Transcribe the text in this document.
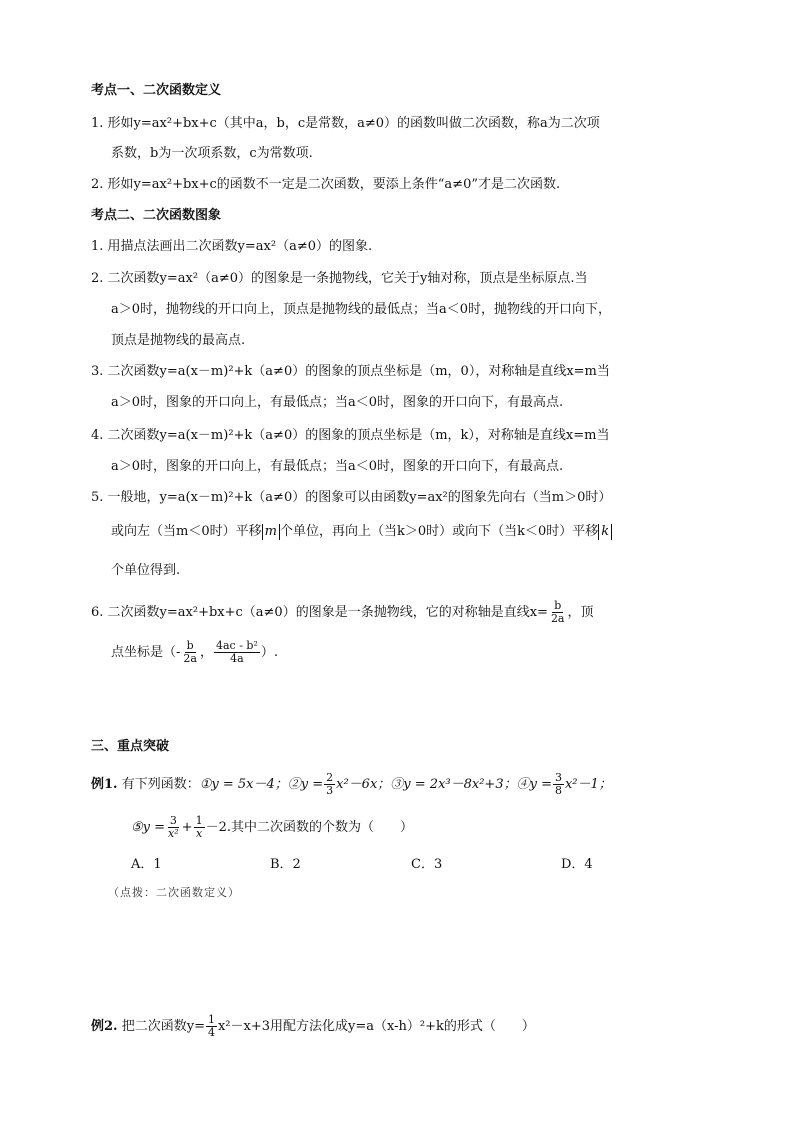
考点一、二次函数定义
1. 形如y=ax²+bx+c（其中a，b，c是常数，a≠0）的函数叫做二次函数，称a为二次项
系数，b为一次项系数，c为常数项.
2. 形如y=ax²+bx+c的函数不一定是二次函数，要添上条件“a≠0”才是二次函数.
考点二、二次函数图象
1. 用描点法画出二次函数y=ax²（a≠0）的图象.
2. 二次函数y=ax²（a≠0）的图象是一条抛物线，它关于y轴对称，顶点是坐标原点.当
a＞0时，抛物线的开口向上，顶点是抛物线的最低点；当a＜0时，抛物线的开口向下，
顶点是抛物线的最高点.
3. 二次函数y=a(x－m)²+k（a≠0）的图象的顶点坐标是（m，0），对称轴是直线x=m当
a＞0时，图象的开口向上，有最低点；当a＜0时，图象的开口向下，有最高点.
4. 二次函数y=a(x－m)²+k（a≠0）的图象的顶点坐标是（m，k），对称轴是直线x=m当
a＞0时，图象的开口向上，有最低点；当a＜0时，图象的开口向下，有最高点.
5. 一般地，y=a(x－m)²+k（a≠0）的图象可以由函数y=ax²的图象先向右（当m＞0时）
或向左（当m＜0时）平移 m 个单位，再向上（当k＞0时）或向下（当k＜0时）平移 k
个单位得到.
6. 二次函数y=ax²+bx+c（a≠0）的图象是一条抛物线，它的对称轴是直线$x= \frac{b}{2a}$ ，顶
点坐标是（- $\frac{b}{2a}$ ， $\frac{\text{4ac - b²}}{4a}$ ）.
三、重点突破
例1. 有下列函数：①y = 5x－4；②y = $\frac{2}{3} x^2-6x$；③y = 2x³－8x²+3；④y = $\frac{3}{8} x^2-1$；
⑤y = $\frac{3}{\text{x²}} + \frac{1}{x} -2$.其中二次函数的个数为（　　）
A．1	B．2	C．3	D．4
（点拨：二次函数定义）
例2. 把二次函数$y= \frac{1}{4} x^2-x+3$用配方法化成y=a（x-h）²+k的形式（　　）
